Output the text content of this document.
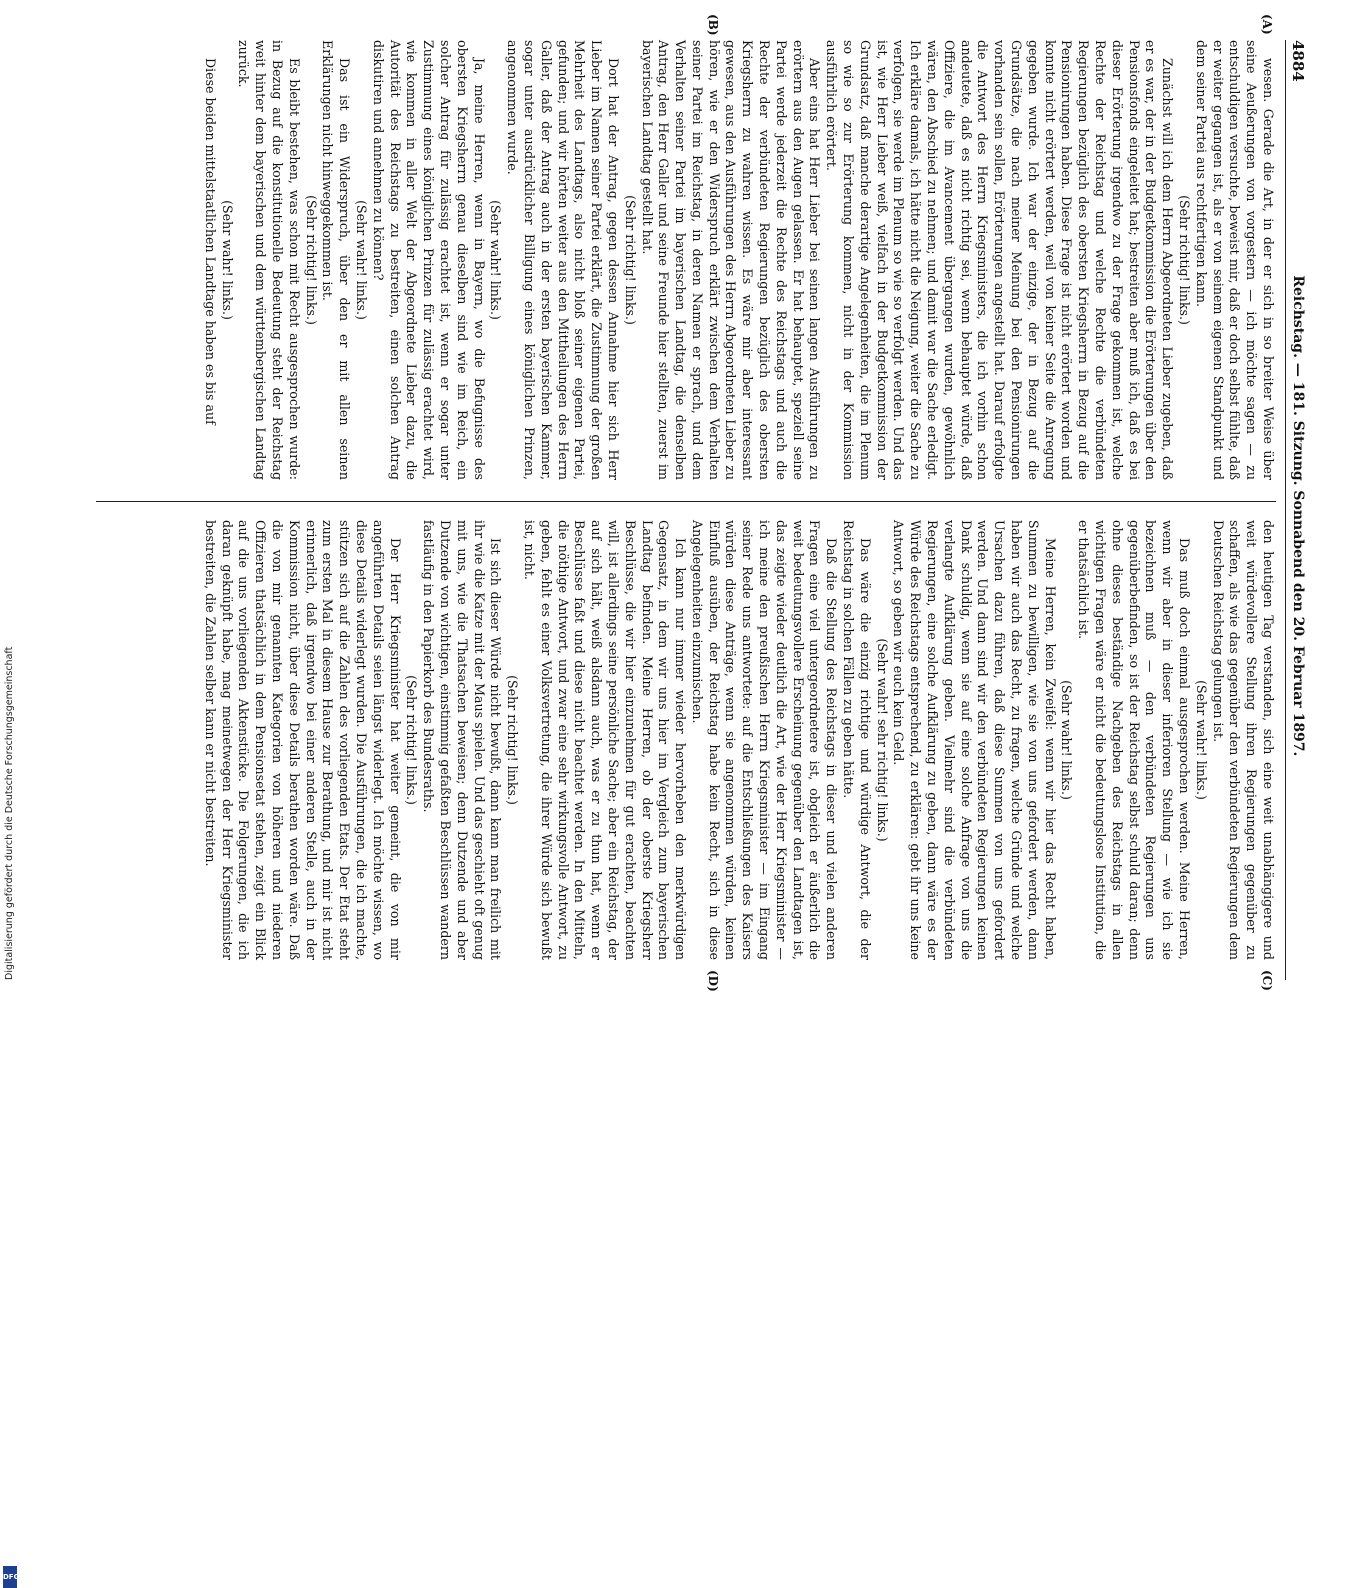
4884
Reichstag. — 181. Sitzung. Sonnabend den 20. Februar 1897.
(A)
(B)
(C)
(D)

wesen. Gerade die Art, in der er sich in so breiter Weise über seine Aeußerungen von vorgestern — ich möchte sagen — zu entschuldigen versuchte, beweist mir, daß er doch selbst fühlte, daß er weiter gegangen ist, als er von seinem eigenen Standpunkt und dem seiner Partei aus rechtfertigen kann.

(Sehr richtig! links.)

Zunächst will ich dem Herrn Abgeordneten Lieber zugeben, daß er es war, der in der Budgetkommission die Erörterungen über den Pensionsfonds eingeleitet hat; bestreiten aber muß ich, daß es bei dieser Erörterung irgendwo zu der Frage gekommen ist, welche Rechte der Reichstag und welche Rechte die verbündeten Regierungen bezüglich des obersten Kriegsherrn in Bezug auf die Pensionirungen haben. Diese Frage ist nicht erörtert worden und konnte nicht erörtert werden, weil von keiner Seite die Anregung gegeben wurde. Ich war der einzige, der in Bezug auf die Grundsätze, die nach meiner Meinung bei den Pensionirungen vorhanden sein sollen, Erörterungen angestellt hat. Darauf erfolgte die Antwort des Herrn Kriegsministers, die ich vorhin schon andeutete, daß es nicht richtig sei, wenn behauptet würde, daß Offiziere, die im Avancement übergangen wurden, gewöhnlich wären, den Abschied zu nehmen; und damit war die Sache erledigt. Ich erkläre damals, ich hätte nicht die Neigung, weiter die Sache zu verfolgen, sie werde im Plenum so wie so verfolgt werden. Und das ist, wie Herr Lieber weiß, vielfach in der Budgetkommission der Grundsatz, daß manche derartige Angelegenheiten, die im Plenum so wie so zur Erörterung kommen, nicht in der Kommission ausführlich erörtert.

Aber eins hat Herr Lieber bei seinen langen Ausführungen zu erörtern aus den Augen gelassen. Er hat behauptet, speziell seine Partei werde jederzeit die Rechte des Reichstags und auch die Rechte der verbündeten Regierungen bezüglich des obersten Kriegsherrn zu wahren wissen. Es wäre mir aber interessant gewesen, aus den Ausführungen des Herrn Abgeordneten Lieber zu hören, wie er den Widerspruch erklärt zwischen dem Verhalten seiner Partei im Reichstag, in deren Namen er sprach, und dem Verhalten seiner Partei im bayerischen Landtag, die denselben Antrag, den Herr Galler und seine Freunde hier stellten, zuerst im bayerischen Landtag gestellt hat.

(Sehr richtig! links.)

Dort hat der Antrag, gegen dessen Annahme hier sich Herr Lieber im Namen seiner Partei erklärt, die Zustimmung der großen Mehrheit des Landtags, also nicht bloß seiner eigenen Partei, gefunden; und wir hörten weiter aus den Mittheilungen des Herrn Galler, daß der Antrag auch in der ersten bayerischen Kammer, sogar unter ausdrücklicher Billigung eines königlichen Prinzen, angenommen wurde.

(Sehr wahr! links.)

Ja, meine Herren, wenn in Bayern, wo die Befugnisse des obersten Kriegsherrn genau dieselben sind wie im Reich, ein solcher Antrag für zulässig erachtet ist, wenn er sogar unter Zustimmung eines königlichen Prinzen für zulässig erachtet wird, wie kommen in aller Welt der Abgeordnete Lieber dazu, die Autorität des Reichstags zu bestreiten, einen solchen Antrag diskutiren und annehmen zu können?

(Sehr wahr! links.)

Das ist ein Widerspruch, über den er mit allen seinen Erklärungen nicht hinweggekommen ist.

(Sehr richtig! links.)

Es bleibt bestehen, was schon mit Recht ausgesprochen wurde: in Bezug auf die konstitutionelle Bedeutung steht der Reichstag weit hinter dem bayerischen und dem württembergischen Landtag zurück.

(Sehr wahr! links.)

Diese beiden mittelstaatlichen Landtage haben es bis auf

den heutigen Tag verstanden, sich eine weit unabhängigere und weit würdevollere Stellung ihren Regierungen gegenüber zu schaffen, als wie das gegenüber den verbündeten Regierungen dem Deutschen Reichstag gelungen ist.

(Sehr wahr! links.)

Das muß doch einmal ausgesprochen werden. Meine Herren, wenn wir aber in dieser inferioren Stellung — wie ich sie bezeichnen muß — den verbündeten Regierungen uns gegenüberbefinden, so ist der Reichstag selbst schuld daran; denn ohne dieses beständige Nachgeben des Reichstags in allen wichtigen Fragen wäre er nicht die bedeutungslose Institution, die er thatsächlich ist.

(Sehr wahr! links.)

Meine Herren, kein Zweifel: wenn wir hier das Recht haben, Summen zu bewilligen, wie sie von uns gefordert werden, dann haben wir auch das Recht, zu fragen, welche Gründe und welche Ursachen dazu führen, daß diese Summen von uns gefordert werden. Und dann sind wir den verbündeten Regierungen keinen Dank schuldig, wenn sie auf eine solche Anfrage von uns die verlangte Aufklärung geben. Vielmehr sind die verbündeten Regierungen, eine solche Aufklärung zu geben, dann wäre es der Würde des Reichstags entsprechend, zu erklären: gebt ihr uns keine Antwort, so geben wir euch kein Geld.

(Sehr wahr! sehr richtig! links.)

Das wäre die einzig richtige und würdige Antwort, die der Reichstag in solchen Fällen zu geben hätte.

Daß die Stellung des Reichstags in dieser und vielen anderen Fragen eine viel untergeordnetere ist, obgleich er äußerlich die weit bedeutungsvollere Erscheinung gegenüber den Landtagen ist, das zeigte wieder deutlich die Art, wie der Herr Kriegsminister — ich meine den preußischen Herrn Kriegsminister — im Eingang seiner Rede uns antwortete: auf die Entschließungen des Kaisers würden diese Anträge, wenn sie angenommen würden, keinen Einfluß ausüben, der Reichstag habe kein Recht, sich in diese Angelegenheiten einzumischen.

Ich kann nur immer wieder hervorheben den merkwürdigen Gegensatz, in dem wir uns hier im Vergleich zum bayerischen Landtag befinden. Meine Herren, ob der oberste Kriegsherr Beschlüsse, die wir hier einzunehmen für gut erachten, beachten will, ist allerdings seine persönliche Sache; aber ein Reichstag, der auf sich hält, weiß alsdann auch, was er zu thun hat, wenn er Beschlüsse faßt und diese nicht beachtet werden. In den Mitteln, die nöthige Antwort, und zwar eine sehr wirkungsvolle Antwort, zu geben, fehlt es einer Volksvertretung, die ihrer Würde sich bewußt ist, nicht.

(Sehr richtig! links.)

Ist sich dieser Würde nicht bewußt, dann kann man freilich mit ihr wie die Katze mit der Maus spielen. Und das geschieht oft genug mit uns, wie die Thatsachen beweisen; denn Dutzende und aber Dutzende von wichtigen, einstimmig gefaßten Beschlüssen wandern fastläufig in den Papierkorb des Bundesraths.

(Sehr richtig! links.)

Der Herr Kriegsminister hat weiter gemeint, die von mir angeführten Details seien längst widerlegt. Ich möchte wissen, wo diese Details widerlegt wurden. Die Ausführungen, die ich machte, stützen sich auf die Zahlen des vorliegenden Etats. Der Etat steht zum ersten Mal in diesem Hause zur Berathung, und mir ist nicht erinnerlich, daß irgendwo bei einer anderen Stelle, auch in der Kommission nicht, über diese Details berathen worden wäre. Daß die von mir genannten Kategorien von höheren und niederen Offizieren thatsächlich in dem Pensionsetat stehen, zeigt ein Blick auf die uns vorliegenden Aktenstücke. Die Folgerungen, die ich daran geknüpft habe, mag meinetwegen der Herr Kriegsminister bestreiten, die Zahlen selber kann er nicht bestreiten.

Digitalisierung gefördert durch die Deutsche Forschungsgemeinschaft
DFG
